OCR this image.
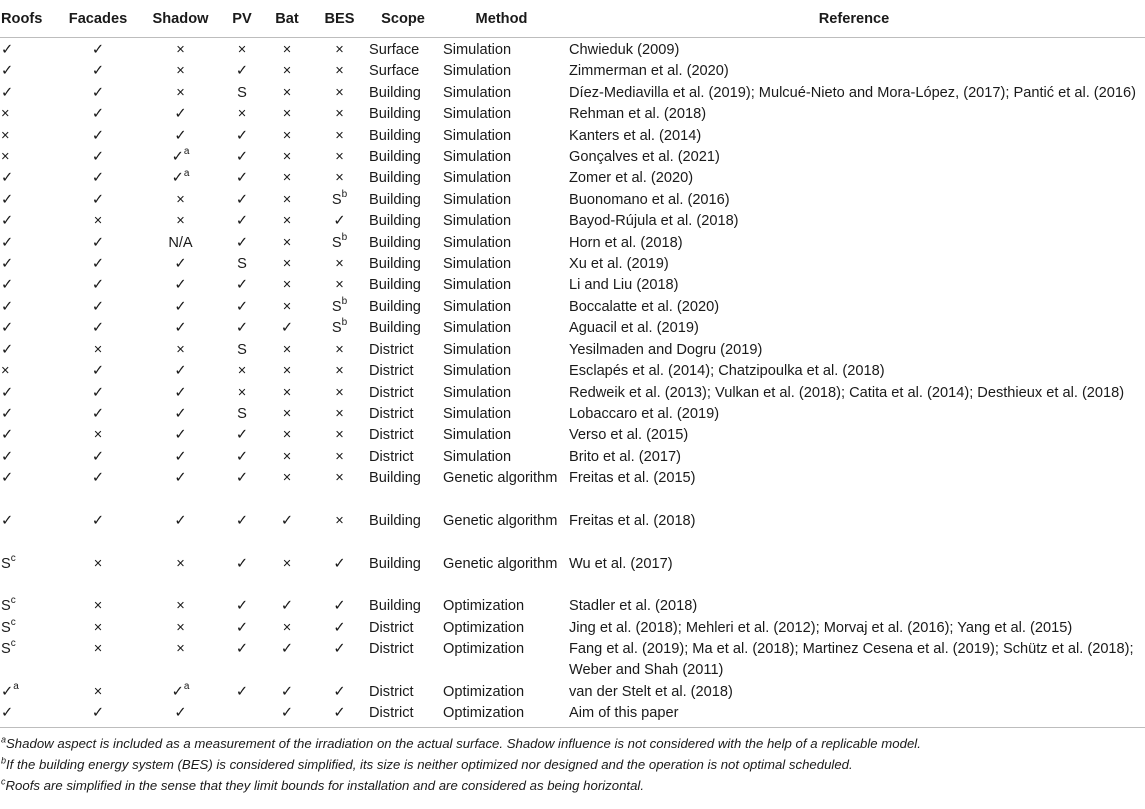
Roofs	Facades	Shadow	PV	Bat	BES	Scope	Method	Reference
✓	✓	×	×	×	×	Surface	Simulation	Chwieduk (2009)
✓	✓	×	✓	×	×	Surface	Simulation	Zimmerman et al. (2020)
✓	✓	×	S	×	×	Building	Simulation	Díez-Mediavilla et al. (2019); Mulcué-Nieto and Mora-López, (2017); Pantić et al. (2016)
×	✓	✓	×	×	×	Building	Simulation	Rehman et al. (2018)
×	✓	✓	✓	×	×	Building	Simulation	Kanters et al. (2014)
×	✓	✓$^a$	✓	×	×	Building	Simulation	Gonçalves et al. (2021)
✓	✓	✓$^a$	✓	×	×	Building	Simulation	Zomer et al. (2020)
✓	✓	×	✓	×	S$^b$	Building	Simulation	Buonomano et al. (2016)
✓	×	×	✓	×	✓	Building	Simulation	Bayod-Rújula et al. (2018)
✓	✓	N/A	✓	×	S$^b$	Building	Simulation	Horn et al. (2018)
✓	✓	✓	S	×	×	Building	Simulation	Xu et al. (2019)
✓	✓	✓	✓	×	×	Building	Simulation	Li and Liu (2018)
✓	✓	✓	✓	×	S$^b$	Building	Simulation	Boccalatte et al. (2020)
✓	✓	✓	✓	✓	S$^b$	Building	Simulation	Aguacil et al. (2019)
✓	×	×	S	×	×	District	Simulation	Yesilmaden and Dogru (2019)
×	✓	✓	×	×	×	District	Simulation	Esclapés et al. (2014); Chatzipoulka et al. (2018)
✓	✓	✓	×	×	×	District	Simulation	Redweik et al. (2013); Vulkan et al. (2018); Catita et al. (2014); Desthieux et al. (2018)
✓	✓	✓	S	×	×	District	Simulation	Lobaccaro et al. (2019)
✓	×	✓	✓	×	×	District	Simulation	Verso et al. (2015)
✓	✓	✓	✓	×	×	District	Simulation	Brito et al. (2017)
✓	✓	✓	✓	×	×	Building	Genetic algorithm	Freitas et al. (2015)
✓	✓	✓	✓	✓	×	Building	Genetic algorithm	Freitas et al. (2018)
S$^c$	×	×	✓	×	✓	Building	Genetic algorithm	Wu et al. (2017)
S$^c$	×	×	✓	✓	✓	Building	Optimization	Stadler et al. (2018)
S$^c$	×	×	✓	×	✓	District	Optimization	Jing et al. (2018); Mehleri et al. (2012); Morvaj et al. (2016); Yang et al. (2015)
S$^c$	×	×	✓	✓	✓	District	Optimization	Fang et al. (2019); Ma et al. (2018); Martinez Cesena et al. (2019); Schütz et al. (2018); Weber and Shah (2011)
✓$^a$	×	✓$^a$	✓	✓	✓	District	Optimization	van der Stelt et al. (2018)
✓	✓	✓		✓	✓	District	Optimization	Aim of this paper
$^a$Shadow aspect is included as a measurement of the irradiation on the actual surface. Shadow influence is not considered with the help of a replicable model.
$^b$If the building energy system (BES) is considered simplified, its size is neither optimized nor designed and the operation is not optimal scheduled.
$^c$Roofs are simplified in the sense that they limit bounds for installation and are considered as being horizontal.
